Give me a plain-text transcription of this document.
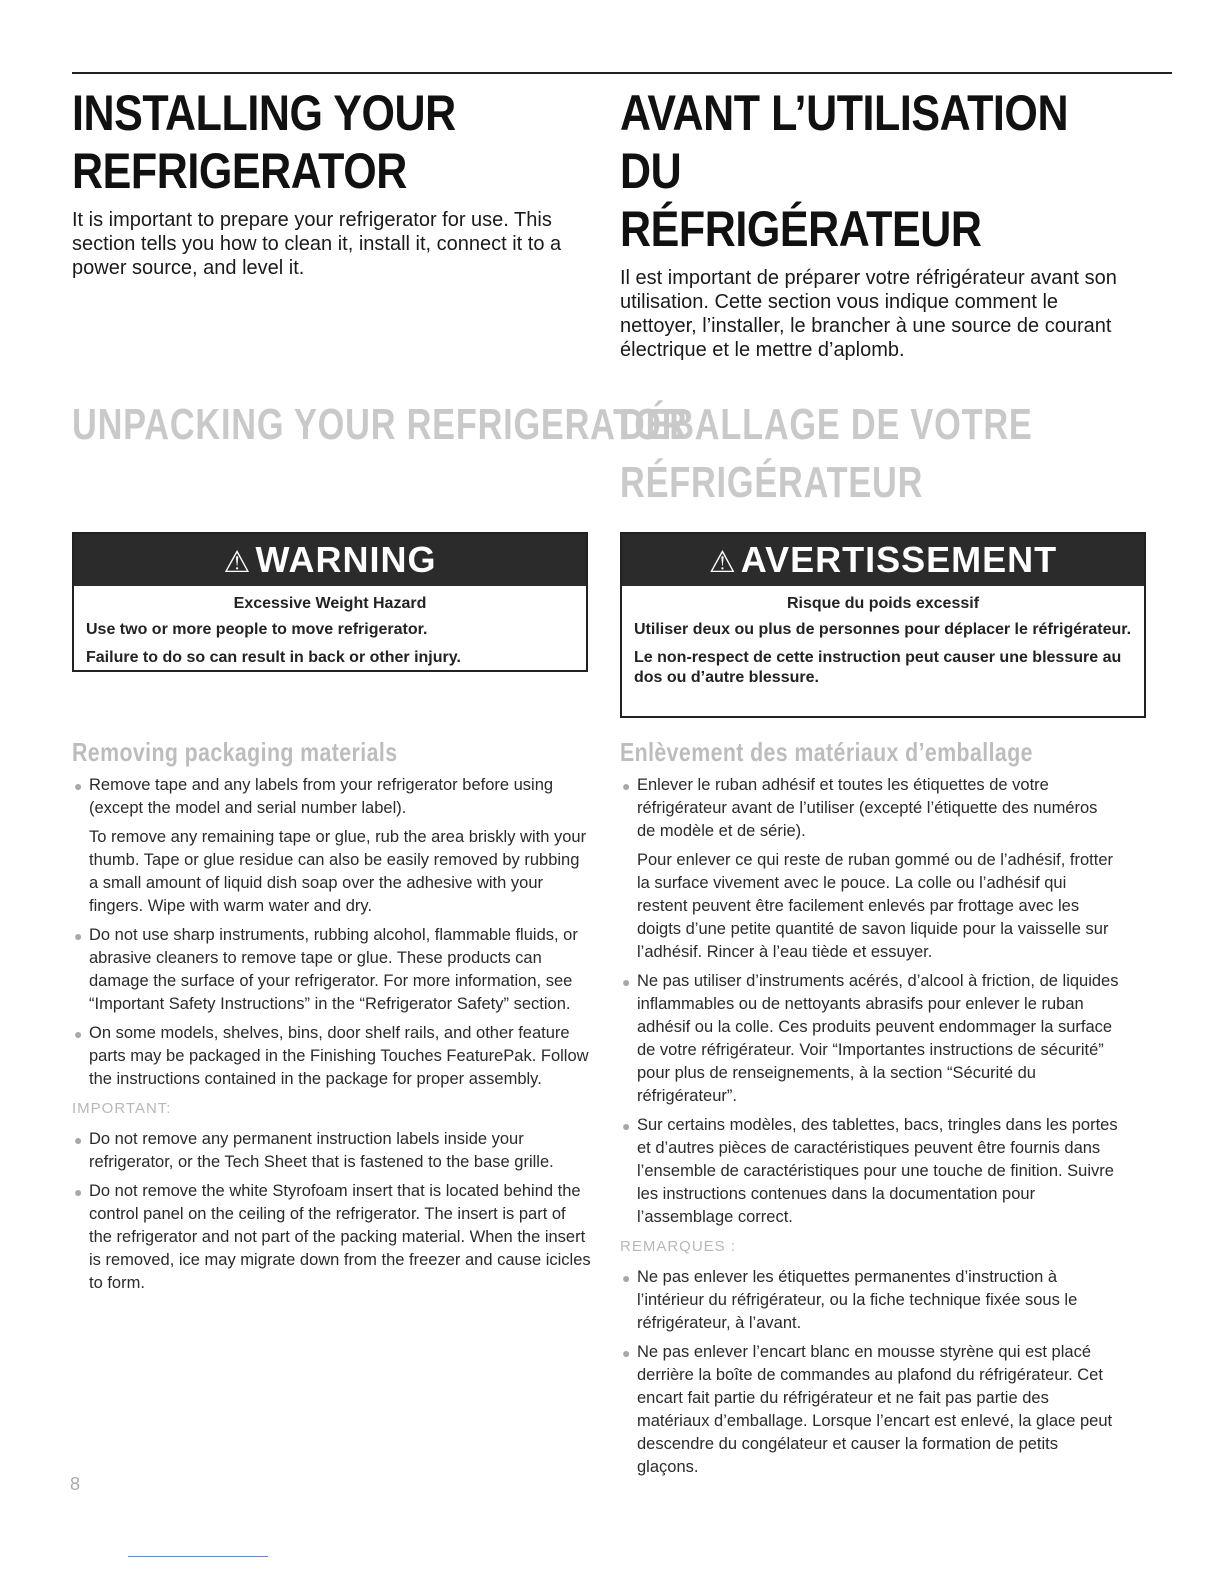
INSTALLING YOUR
REFRIGERATOR

It is important to prepare your refrigerator for use. This section tells you how to clean it, install it, connect it to a power source, and level it.

UNPACKING YOUR REFRIGERATOR
⚠ WARNING
Excessive Weight Hazard
Use two or more people to move refrigerator.
Failure to do so can result in back or other injury.
Removing packaging materials
● Remove tape and any labels from your refrigerator before using (except the model and serial number label).

To remove any remaining tape or glue, rub the area briskly with your thumb. Tape or glue residue can also be easily removed by rubbing a small amount of liquid dish soap over the adhesive with your fingers. Wipe with warm water and dry.

● Do not use sharp instruments, rubbing alcohol, flammable fluids, or abrasive cleaners to remove tape or glue. These products can damage the surface of your refrigerator. For more information, see “Important Safety Instructions” in the “Refrigerator Safety” section.
● On some models, shelves, bins, door shelf rails, and other feature parts may be packaged in the Finishing Touches FeaturePak. Follow the instructions contained in the package for proper assembly.
IMPORTANT:
● Do not remove any permanent instruction labels inside your refrigerator, or the Tech Sheet that is fastened to the base grille.
● Do not remove the white Styrofoam insert that is located behind the control panel on the ceiling of the refrigerator. The insert is part of the refrigerator and not part of the packing material. When the insert is removed, ice may migrate down from the freezer and cause icicles to form.
AVANT L’UTILISATION DU
RÉFRIGÉRATEUR

Il est important de préparer votre réfrigérateur avant son utilisation. Cette section vous indique comment le nettoyer, l’installer, le brancher à une source de courant électrique et le mettre d’aplomb.

DÉBALLAGE DE VOTRE
RÉFRIGÉRATEUR
⚠ AVERTISSEMENT
Risque du poids excessif
Utiliser deux ou plus de personnes pour déplacer le réfrigérateur.
Le non-respect de cette instruction peut causer une blessure au dos ou d’autre blessure.
Enlèvement des matériaux d’emballage
● Enlever le ruban adhésif et toutes les étiquettes de votre réfrigérateur avant de l’utiliser (excepté l’étiquette des numéros de modèle et de série).

Pour enlever ce qui reste de ruban gommé ou de l’adhésif, frotter la surface vivement avec le pouce. La colle ou l’adhésif qui restent peuvent être facilement enlevés par frottage avec les doigts d’une petite quantité de savon liquide pour la vaisselle sur l’adhésif. Rincer à l’eau tiède et essuyer.

● Ne pas utiliser d’instruments acérés, d’alcool à friction, de liquides inflammables ou de nettoyants abrasifs pour enlever le ruban adhésif ou la colle. Ces produits peuvent endommager la surface de votre réfrigérateur. Voir “Importantes instructions de sécurité” pour plus de renseignements, à la section “Sécurité du réfrigérateur”.
● Sur certains modèles, des tablettes, bacs, tringles dans les portes et d’autres pièces de caractéristiques peuvent être fournis dans l’ensemble de caractéristiques pour une touche de finition. Suivre les instructions contenues dans la documentation pour l’assemblage correct.
REMARQUES :
● Ne pas enlever les étiquettes permanentes d’instruction à l’intérieur du réfrigérateur, ou la fiche technique fixée sous le réfrigérateur, à l’avant.
● Ne pas enlever l’encart blanc en mousse styrène qui est placé derrière la boîte de commandes au plafond du réfrigérateur. Cet encart fait partie du réfrigérateur et ne fait pas partie des matériaux d’emballage. Lorsque l’encart est enlevé, la glace peut descendre du congélateur et causer la formation de petits glaçons.
8
